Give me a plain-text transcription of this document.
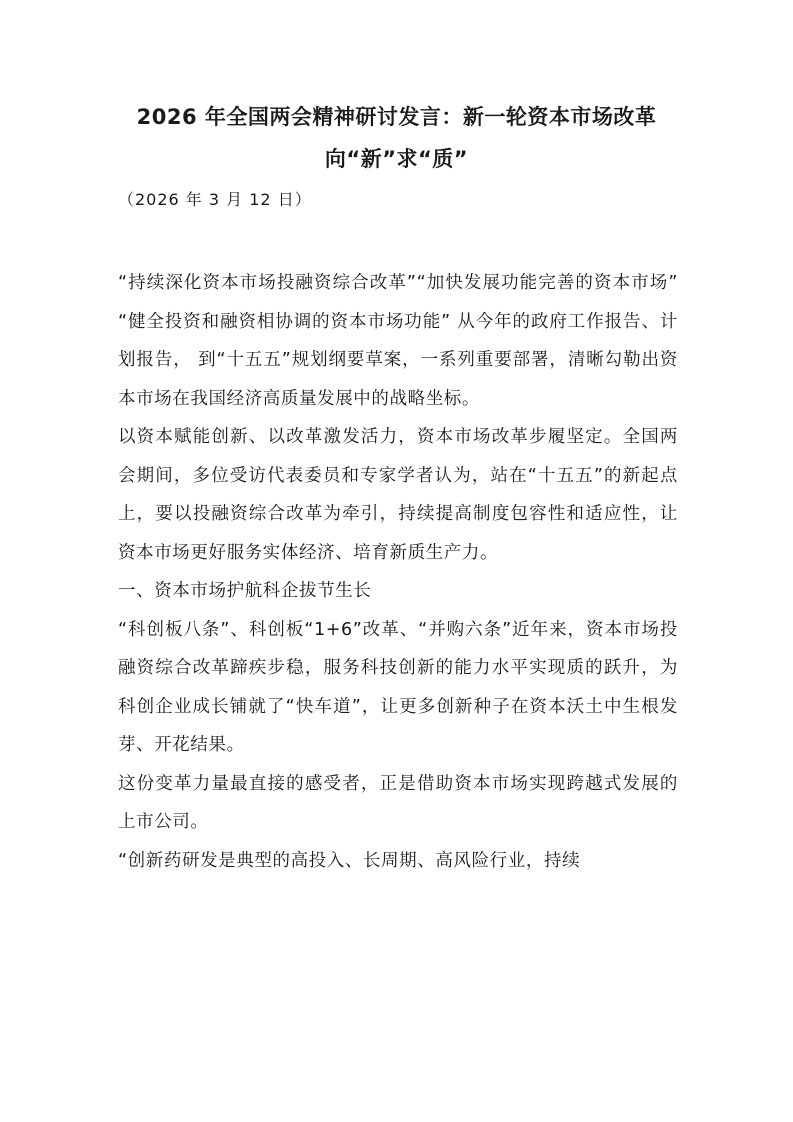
2026 年全国两会精神研讨发言：新一轮资本市场改革
向“新”求“质”
（2026 年 3 月 12 日）

“持续深化资本市场投融资综合改革”“加快发展功能完善的资本市场” “健全投资和融资相协调的资本市场功能” 从今年的政府工作报告、计划报告， 到“十五五”规划纲要草案，一系列重要部署，清晰勾勒出资本市场在我国经济高质量发展中的战略坐标。

以资本赋能创新、以改革激发活力，资本市场改革步履坚定。全国两会期间，多位受访代表委员和专家学者认为，站在“十五五”的新起点上，要以投融资综合改革为牵引，持续提高制度包容性和适应性，让资本市场更好服务实体经济、培育新质生产力。

一、资本市场护航科企拔节生长

“科创板八条”、科创板“1+6”改革、“并购六条”近年来，资本市场投融资综合改革蹄疾步稳，服务科技创新的能力水平实现质的跃升，为科创企业成长铺就了“快车道”，让更多创新种子在资本沃土中生根发芽、开花结果。

这份变革力量最直接的感受者，正是借助资本市场实现跨越式发展的上市公司。

“创新药研发是典型的高投入、长周期、高风险行业，持续
